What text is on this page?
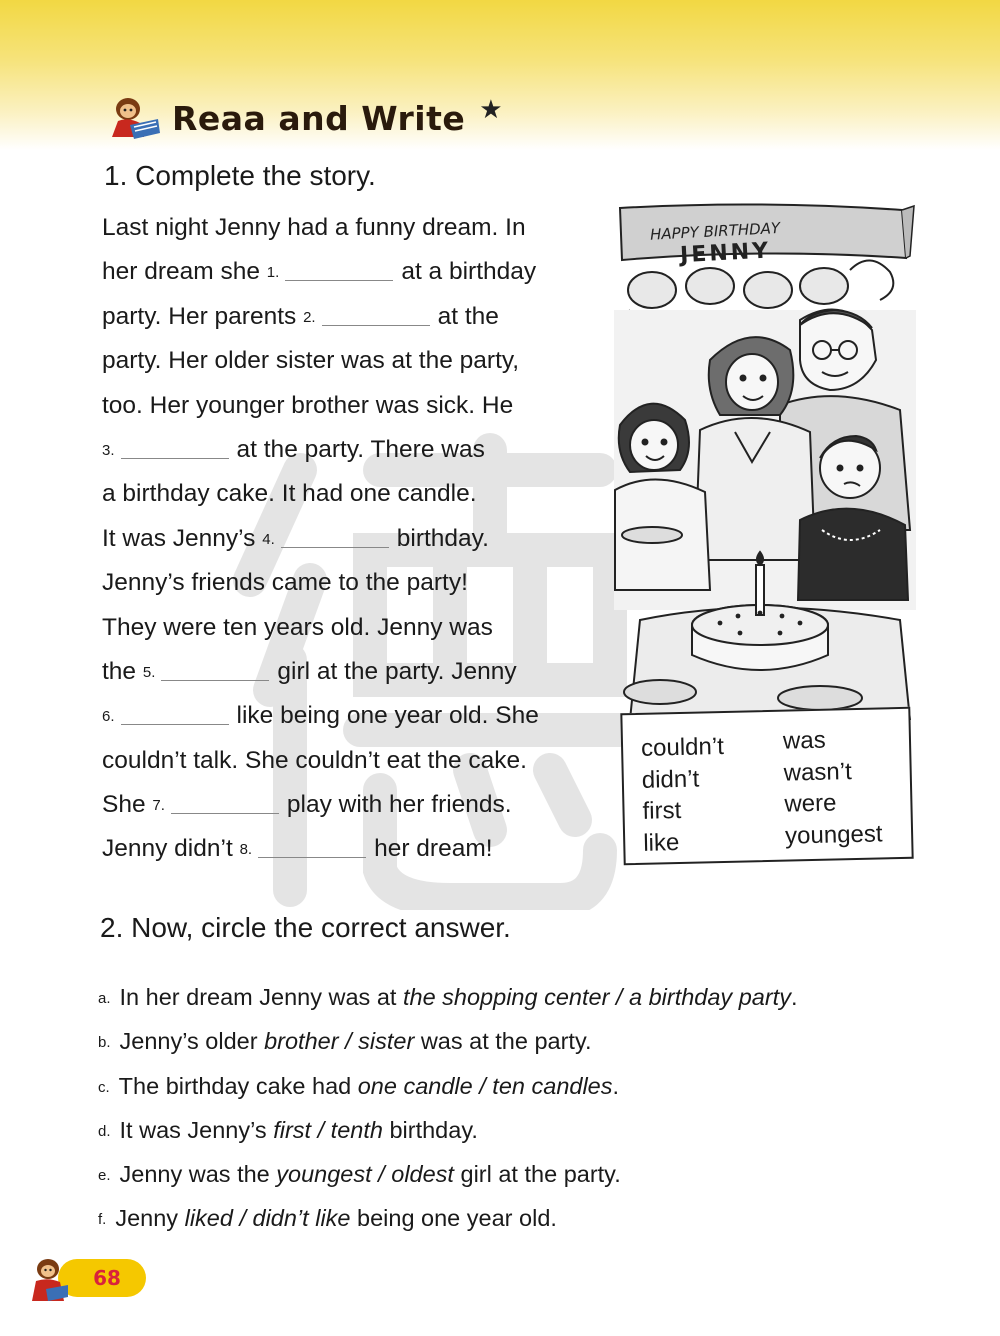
Reaa and Write ★
1. Complete the story.
Last night Jenny had a funny dream. In
her dream she 1.	at a birthday
party. Her parents 2.	at the
party. Her older sister was at the party,
too. Her younger brother was sick. He
3.	at the party. There was
a birthday cake. It had one candle.
It was Jenny’s 4.	birthday.
Jenny’s friends came to the party!
They were ten years old. Jenny was
the 5.	girl at the party. Jenny
6.	like being one year old. She
couldn’t talk. She couldn’t eat the cake.
She 7.	play with her friends.
Jenny didn’t 8.	her dream!
HAPPY BIRTHDAY
JENNY
couldn’t
didn’t
first
like
was
wasn’t
were
youngest
2. Now, circle the correct answer.
a. In her dream Jenny was at the shopping center / a birthday party.
b. Jenny’s older brother / sister was at the party.
c. The birthday cake had one candle / ten candles.
d. It was Jenny’s first / tenth birthday.
e. Jenny was the youngest / oldest girl at the party.
f. Jenny liked / didn’t like being one year old.
68
